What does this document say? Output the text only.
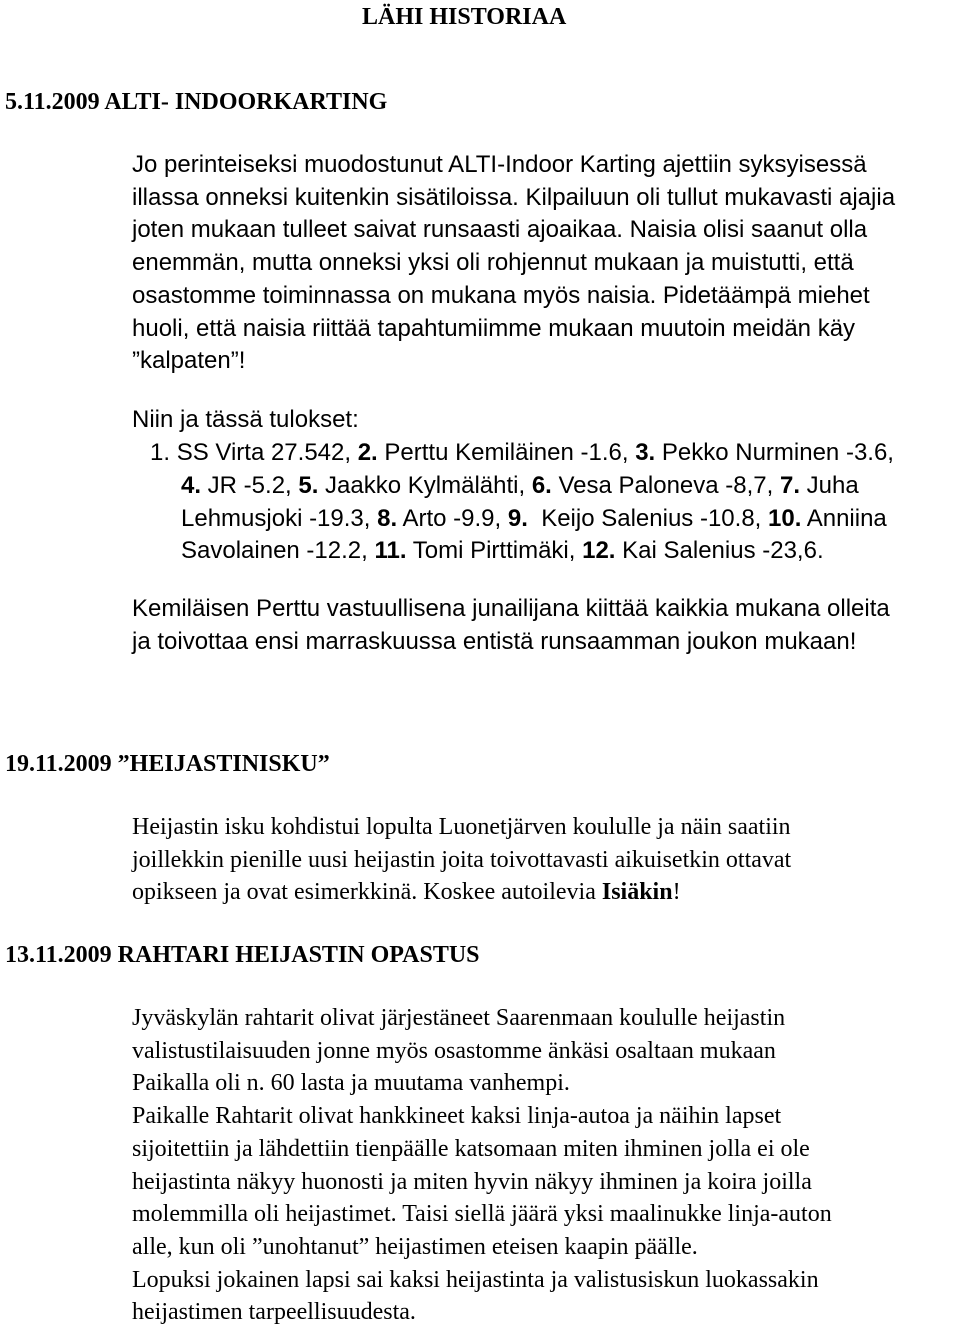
LÄHI HISTORIAA
5.11.2009 ALTI- INDOORKARTING
Jo perinteiseksi muodostunut ALTI-Indoor Karting ajettiin syksyisessä
illassa onneksi kuitenkin sisätiloissa. Kilpailuun oli tullut mukavasti ajajia
joten mukaan tulleet saivat runsaasti ajoaikaa. Naisia olisi saanut olla
enemmän, mutta onneksi yksi oli rohjennut mukaan ja muistutti, että
osastomme toiminnassa on mukana myös naisia. Pidetäämpä miehet
huoli, että naisia riittää tapahtumiimme mukaan muutoin meidän käy
”kalpaten”!
Niin ja tässä tulokset:
1. SS Virta 27.542, 2. Perttu Kemiläinen -1.6, 3. Pekko Nurminen -3.6,
4. JR -5.2, 5. Jaakko Kylmälähti, 6. Vesa Paloneva -8,7, 7. Juha
Lehmusjoki -19.3, 8. Arto -9.9, 9.  Keijo Salenius -10.8, 10. Anniina
Savolainen -12.2, 11. Tomi Pirttimäki, 12. Kai Salenius -23,6.
Kemiläisen Perttu vastuullisena junailijana kiittää kaikkia mukana olleita
ja toivottaa ensi marraskuussa entistä runsaamman joukon mukaan!
19.11.2009 ”HEIJASTINISKU”
Heijastin isku kohdistui lopulta Luonetjärven koululle ja näin saatiin
joillekkin pienille uusi heijastin joita toivottavasti aikuisetkin ottavat
opikseen ja ovat esimerkkinä. Koskee autoilevia Isiäkin!
13.11.2009 RAHTARI HEIJASTIN OPASTUS
Jyväskylän rahtarit olivat järjestäneet Saarenmaan koululle heijastin
valistustilaisuuden jonne myös osastomme änkäsi osaltaan mukaan
Paikalla oli n. 60 lasta ja muutama vanhempi.
Paikalle Rahtarit olivat hankkineet kaksi linja-autoa ja näihin lapset
sijoitettiin ja lähdettiin tienpäälle katsomaan miten ihminen jolla ei ole
heijastinta näkyy huonosti ja miten hyvin näkyy ihminen ja koira joilla
molemmilla oli heijastimet. Taisi siellä jäärä yksi maalinukke linja-auton
alle, kun oli ”unohtanut” heijastimen eteisen kaapin päälle.
Lopuksi jokainen lapsi sai kaksi heijastinta ja valistusiskun luokassakin
heijastimen tarpeellisuudesta.
